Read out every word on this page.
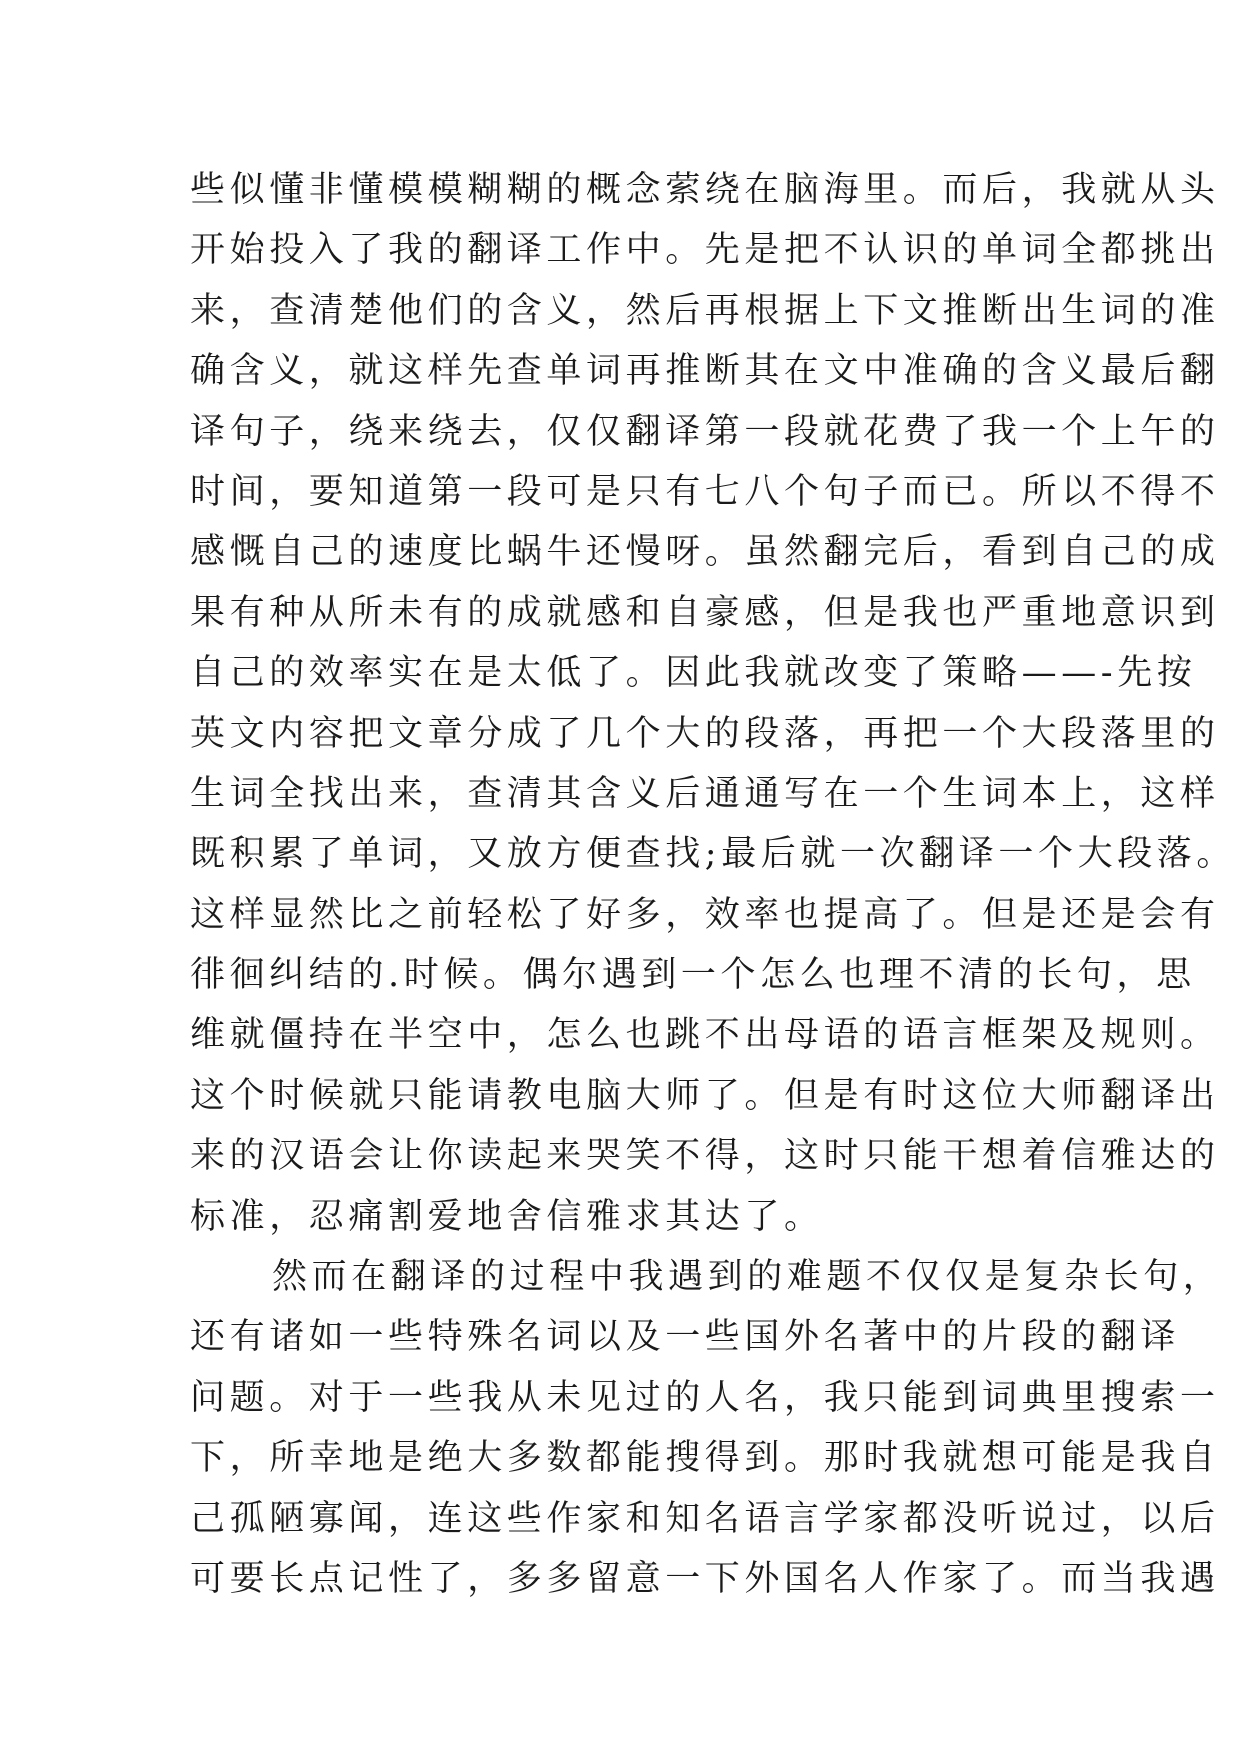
些似懂非懂模模糊糊的概念萦绕在脑海里。而后，我就从头
开始投入了我的翻译工作中。先是把不认识的单词全都挑出
来，查清楚他们的含义，然后再根据上下文推断出生词的准
确含义，就这样先查单词再推断其在文中准确的含义最后翻
译句子，绕来绕去，仅仅翻译第一段就花费了我一个上午的
时间，要知道第一段可是只有七八个句子而已。所以不得不
感慨自己的速度比蜗牛还慢呀。虽然翻完后，看到自己的成
果有种从所未有的成就感和自豪感，但是我也严重地意识到
自己的效率实在是太低了。因此我就改变了策略——-先按
英文内容把文章分成了几个大的段落，再把一个大段落里的
生词全找出来，查清其含义后通通写在一个生词本上，这样
既积累了单词，又放方便查找;最后就一次翻译一个大段落。
这样显然比之前轻松了好多，效率也提高了。但是还是会有
徘徊纠结的.时候。偶尔遇到一个怎么也理不清的长句，思
维就僵持在半空中，怎么也跳不出母语的语言框架及规则。
这个时候就只能请教电脑大师了。但是有时这位大师翻译出
来的汉语会让你读起来哭笑不得，这时只能干想着信雅达的
标准，忍痛割爱地舍信雅求其达了。
然而在翻译的过程中我遇到的难题不仅仅是复杂长句，
还有诸如一些特殊名词以及一些国外名著中的片段的翻译
问题。对于一些我从未见过的人名，我只能到词典里搜索一
下，所幸地是绝大多数都能搜得到。那时我就想可能是我自
己孤陋寡闻，连这些作家和知名语言学家都没听说过，以后
可要长点记性了，多多留意一下外国名人作家了。而当我遇
